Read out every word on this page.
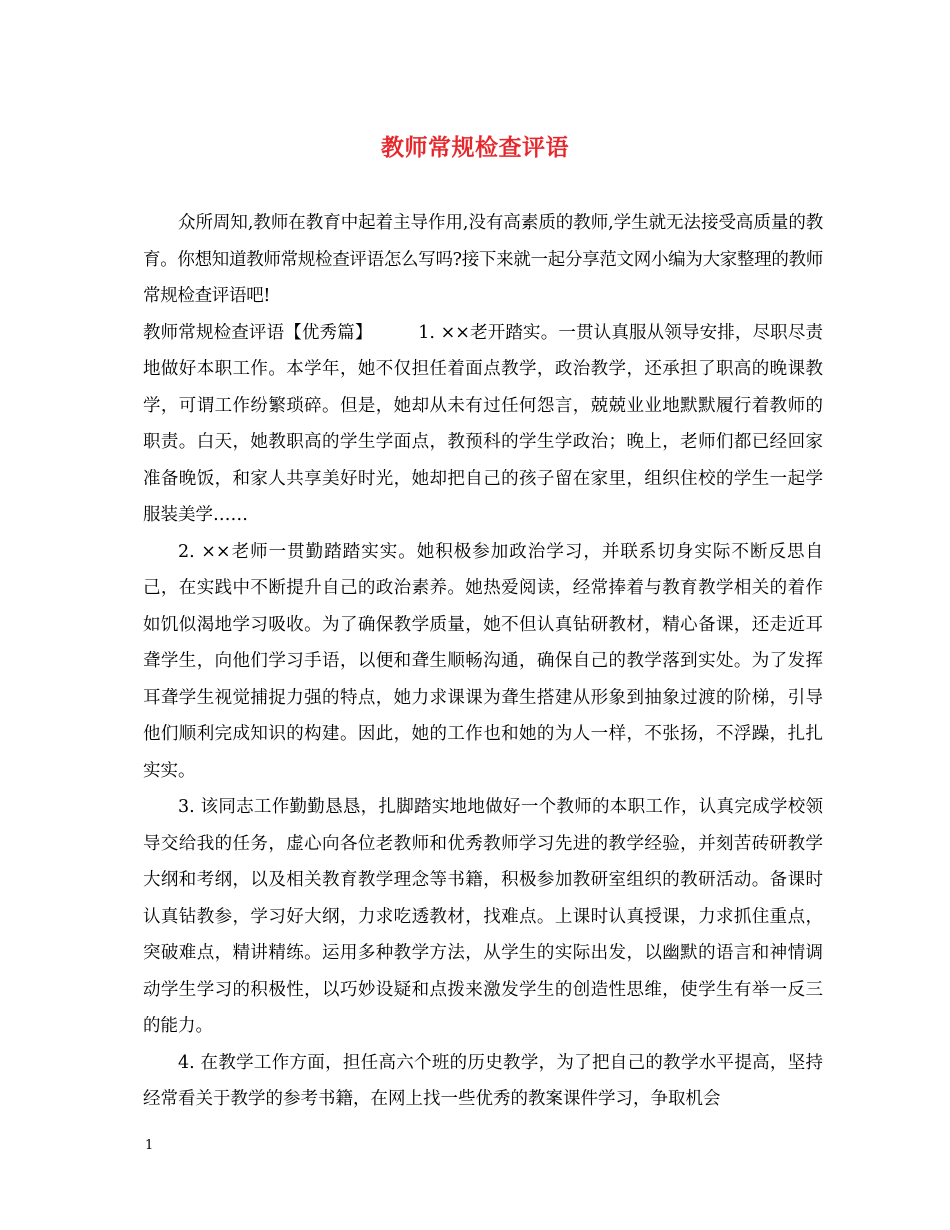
教师常规检查评语

众所周知,教师在教育中起着主导作用,没有高素质的教师,学生就无法接受高质量的教育。你想知道教师常规检查评语怎么写吗?接下来就一起分享范文网小编为大家整理的教师常规检查评语吧!

教师常规检查评语【优秀篇】        1. ××老开踏实。一贯认真服从领导安排，尽职尽责地做好本职工作。本学年，她不仅担任着面点教学，政治教学，还承担了职高的晚课教学，可谓工作纷繁琐碎。但是，她却从未有过任何怨言，兢兢业业地默默履行着教师的职责。白天，她教职高的学生学面点，教预科的学生学政治；晚上，老师们都已经回家准备晚饭，和家人共享美好时光，她却把自己的孩子留在家里，组织住校的学生一起学服装美学……

2. ××老师一贯勤踏踏实实。她积极参加政治学习，并联系切身实际不断反思自己，在实践中不断提升自己的政治素养。她热爱阅读，经常捧着与教育教学相关的着作如饥似渴地学习吸收。为了确保教学质量，她不但认真钻研教材，精心备课，还走近耳聋学生，向他们学习手语，以便和聋生顺畅沟通，确保自己的教学落到实处。为了发挥耳聋学生视觉捕捉力强的特点，她力求课课为聋生搭建从形象到抽象过渡的阶梯，引导他们顺利完成知识的构建。因此，她的工作也和她的为人一样，不张扬，不浮躁，扎扎实实。

3. 该同志工作勤勤恳恳，扎脚踏实地地做好一个教师的本职工作，认真完成学校领导交给我的任务，虚心向各位老教师和优秀教师学习先进的教学经验，并刻苦砖研教学大纲和考纲，以及相关教育教学理念等书籍，积极参加教研室组织的教研活动。备课时认真钻教参，学习好大纲，力求吃透教材，找难点。上课时认真授课，力求抓住重点，突破难点，精讲精练。运用多种教学方法，从学生的实际出发，以幽默的语言和神情调动学生学习的积极性，以巧妙设疑和点拨来激发学生的创造性思维，使学生有举一反三的能力。

4. 在教学工作方面，担任高六个班的历史教学，为了把自己的教学水平提高，坚持经常看关于教学的参考书籍，在网上找一些优秀的教案课件学习，争取机会

1
